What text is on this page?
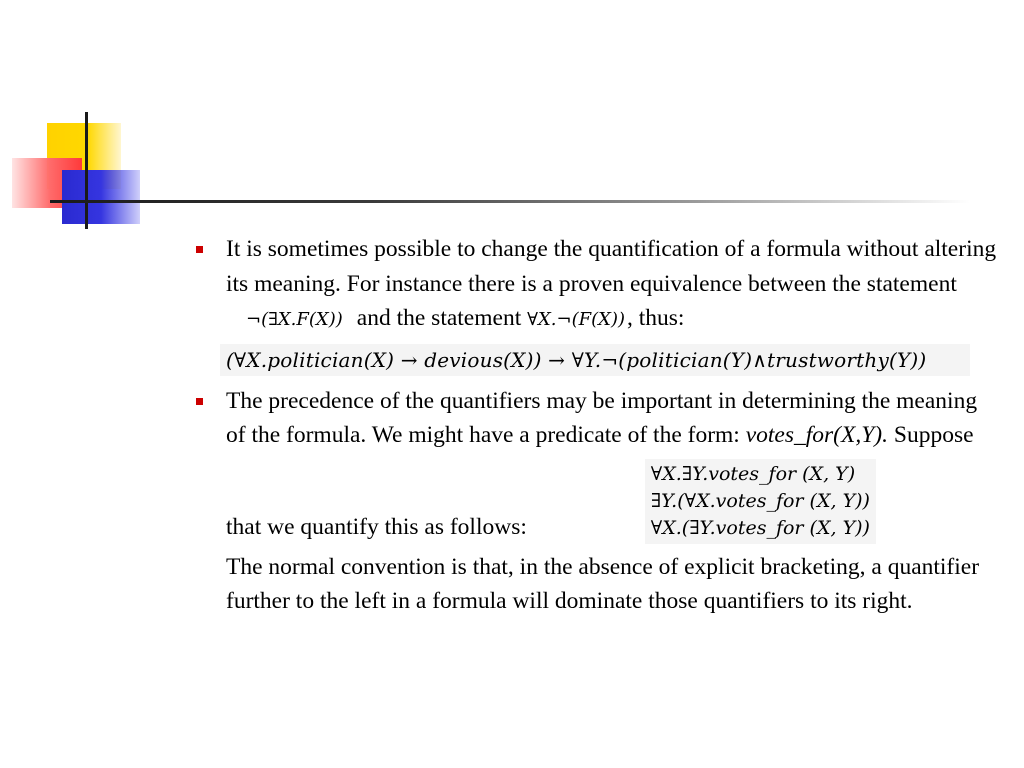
It is sometimes possible to change the quantification of a formula without altering its meaning. For instance there is a proven equivalence between the statement¬(∃X.F(X)) and the statement ∀X.¬(F(X)), thus:
(∀X.politician(X) → devious(X)) → ∀Y.¬(politician(Y)∧trustworthy(Y))
The precedence of the quantifiers may be important in determining the meaning of the formula. We might have a predicate of the form: votes_for(X,Y). Suppose that we quantify this as follows:
∀X.∃Y.votes_for (X, Y)
∃Y.(∀X.votes_for (X, Y))
∀X.(∃Y.votes_for (X, Y))
The normal convention is that, in the absence of explicit bracketing, a quantifier further to the left in a formula will dominate those quantifiers to its right.
